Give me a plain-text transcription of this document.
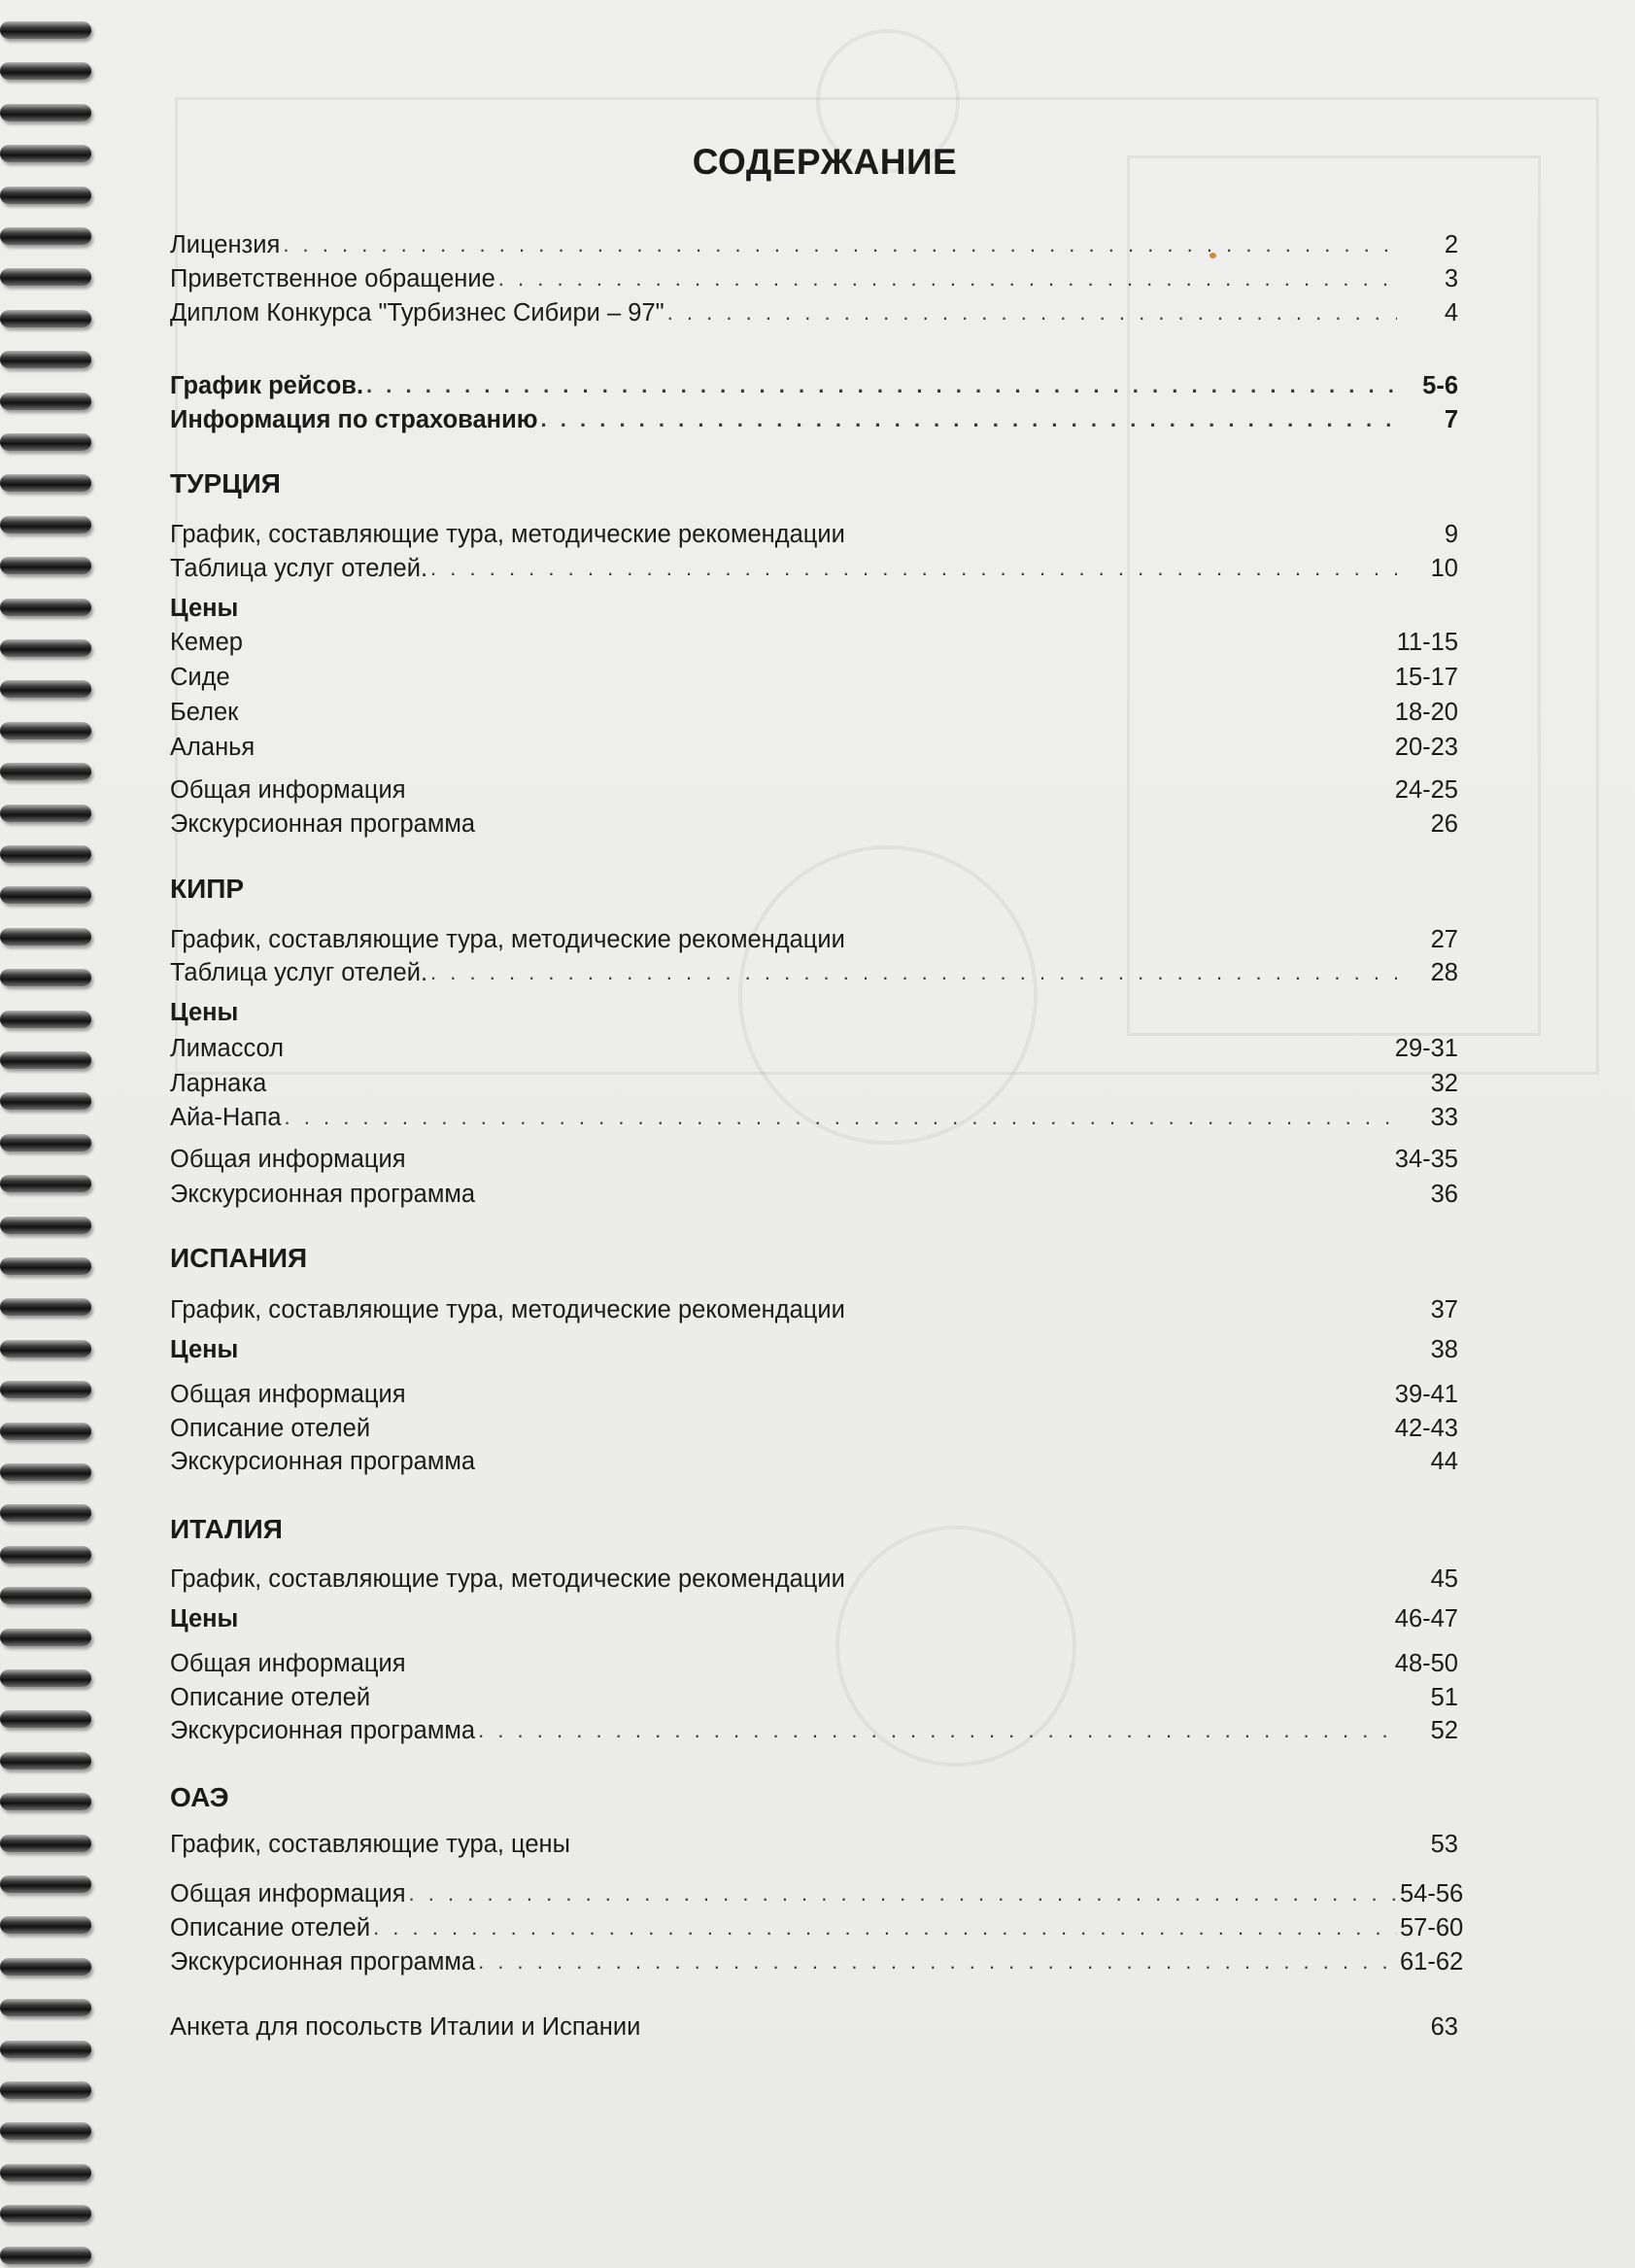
СОДЕРЖАНИЕ
Лицензия . . .	2
Приветственное обращение . . .	3
Диплом Конкурса "Турбизнес Сибири – 97" . . .	4
График рейсов. . . .	5-6
Информация по страхованию . . .	7
ТУРЦИЯ
График, составляющие тура, методические рекомендации	9
Таблица услуг отелей. . . .	10
Цены
Кемер	11-15
Сиде	15-17
Белек	18-20
Аланья	20-23
Общая информация	24-25
Экскурсионная программа	26
КИПР
График, составляющие тура, методические рекомендации	27
Таблица услуг отелей. . . .	28
Цены
Лимассол	29-31
Ларнака	32
Айа-Напа . . .	33
Общая информация	34-35
Экскурсионная программа	36
ИСПАНИЯ
График, составляющие тура, методические рекомендации	37
Цены	38
Общая информация	39-41
Описание отелей	42-43
Экскурсионная программа	44
ИТАЛИЯ
График, составляющие тура, методические рекомендации	45
Цены	46-47
Общая информация	48-50
Описание отелей	51
Экскурсионная программа . . .	52
ОАЭ
График, составляющие тура, цены	53
Общая информация . . .	54-56
Описание отелей . . .	57-60
Экскурсионная программа . . .	61-62
Анкета для посольств Италии и Испании	63
